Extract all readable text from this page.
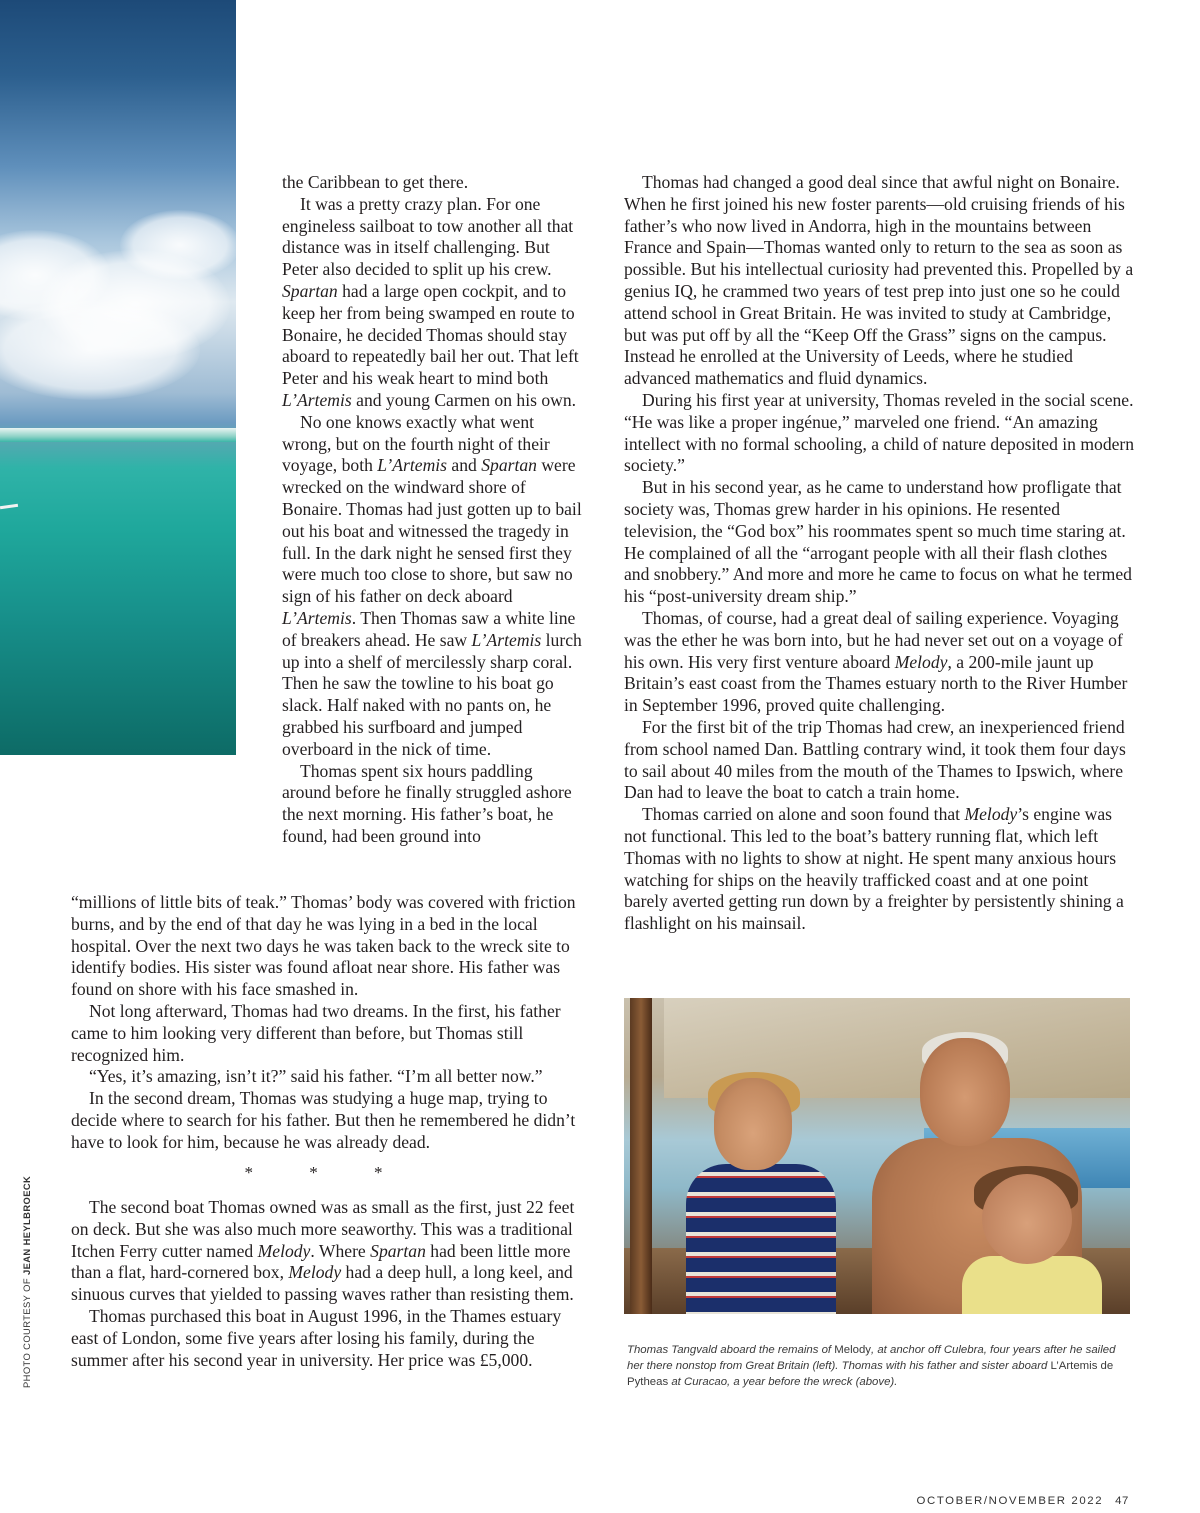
the Caribbean to get there.

It was a pretty crazy plan. For one engineless sailboat to tow another all that distance was in itself challenging. But Peter also decided to split up his crew. Spartan had a large open cockpit, and to keep her from being swamped en route to Bonaire, he decided Thomas should stay aboard to repeatedly bail her out. That left Peter and his weak heart to mind both L’Artemis and young Carmen on his own.

No one knows exactly what went wrong, but on the fourth night of their voyage, both L’Artemis and Spartan were wrecked on the windward shore of Bonaire. Thomas had just gotten up to bail out his boat and witnessed the tragedy in full. In the dark night he sensed first they were much too close to shore, but saw no sign of his father on deck aboard L’Artemis. Then Thomas saw a white line of breakers ahead. He saw L’Artemis lurch up into a shelf of mercilessly sharp coral. Then he saw the towline to his boat go slack. Half naked with no pants on, he grabbed his surfboard and jumped overboard in the nick of time.

Thomas spent six hours paddling around before he finally struggled ashore the next morning. His father’s boat, he found, had been ground into

“millions of little bits of teak.” Thomas’ body was covered with friction burns, and by the end of that day he was lying in a bed in the local hospital. Over the next two days he was taken back to the wreck site to identify bodies. His sister was found afloat near shore. His father was found on shore with his face smashed in.

Not long afterward, Thomas had two dreams. In the first, his father came to him looking very different than before, but Thomas still recognized him.

“Yes, it’s amazing, isn’t it?” said his father. “I’m all better now.”

In the second dream, Thomas was studying a huge map, trying to decide where to search for his father. But then he remembered he didn’t have to look for him, because he was already dead.

* * *

The second boat Thomas owned was as small as the first, just 22 feet on deck. But she was also much more seaworthy. This was a traditional Itchen Ferry cutter named Melody. Where Spartan had been little more than a flat, hard-cornered box, Melody had a deep hull, a long keel, and sinuous curves that yielded to passing waves rather than resisting them.

Thomas purchased this boat in August 1996, in the Thames estuary east of London, some five years after losing his family, during the summer after his second year in university. Her price was £5,000.

Thomas had changed a good deal since that awful night on Bonaire. When he first joined his new foster parents—old cruising friends of his father’s who now lived in Andorra, high in the mountains between France and Spain—Thomas wanted only to return to the sea as soon as possible. But his intellectual curiosity had prevented this. Propelled by a genius IQ, he crammed two years of test prep into just one so he could attend school in Great Britain. He was invited to study at Cambridge, but was put off by all the “Keep Off the Grass” signs on the campus. Instead he enrolled at the University of Leeds, where he studied advanced mathematics and fluid dynamics.

During his first year at university, Thomas reveled in the social scene. “He was like a proper ingénue,” marveled one friend. “An amazing intellect with no formal schooling, a child of nature deposited in modern society.”

But in his second year, as he came to understand how profligate that society was, Thomas grew harder in his opinions. He resented television, the “God box” his roommates spent so much time staring at. He complained of all the “arrogant people with all their flash clothes and snobbery.” And more and more he came to focus on what he termed his “post-university dream ship.”

Thomas, of course, had a great deal of sailing experience. Voyaging was the ether he was born into, but he had never set out on a voyage of his own. His very first venture aboard Melody, a 200-mile jaunt up Britain’s east coast from the Thames estuary north to the River Humber in September 1996, proved quite challenging.

For the first bit of the trip Thomas had crew, an inexperienced friend from school named Dan. Battling contrary wind, it took them four days to sail about 40 miles from the mouth of the Thames to Ipswich, where Dan had to leave the boat to catch a train home.

Thomas carried on alone and soon found that Melody’s engine was not functional. This led to the boat’s battery running flat, which left Thomas with no lights to show at night. He spent many anxious hours watching for ships on the heavily trafficked coast and at one point barely averted getting run down by a freighter by persistently shining a flashlight on his mainsail.

Thomas Tangvald aboard the remains of Melody, at anchor off Culebra, four years after he sailed her there nonstop from Great Britain (left). Thomas with his father and sister aboard L’Artemis de Pytheas at Curacao, a year before the wreck (above).

PHOTO COURTESY OF JEAN HEYLBROECK

OCTOBER/NOVEMBER 2022 47
